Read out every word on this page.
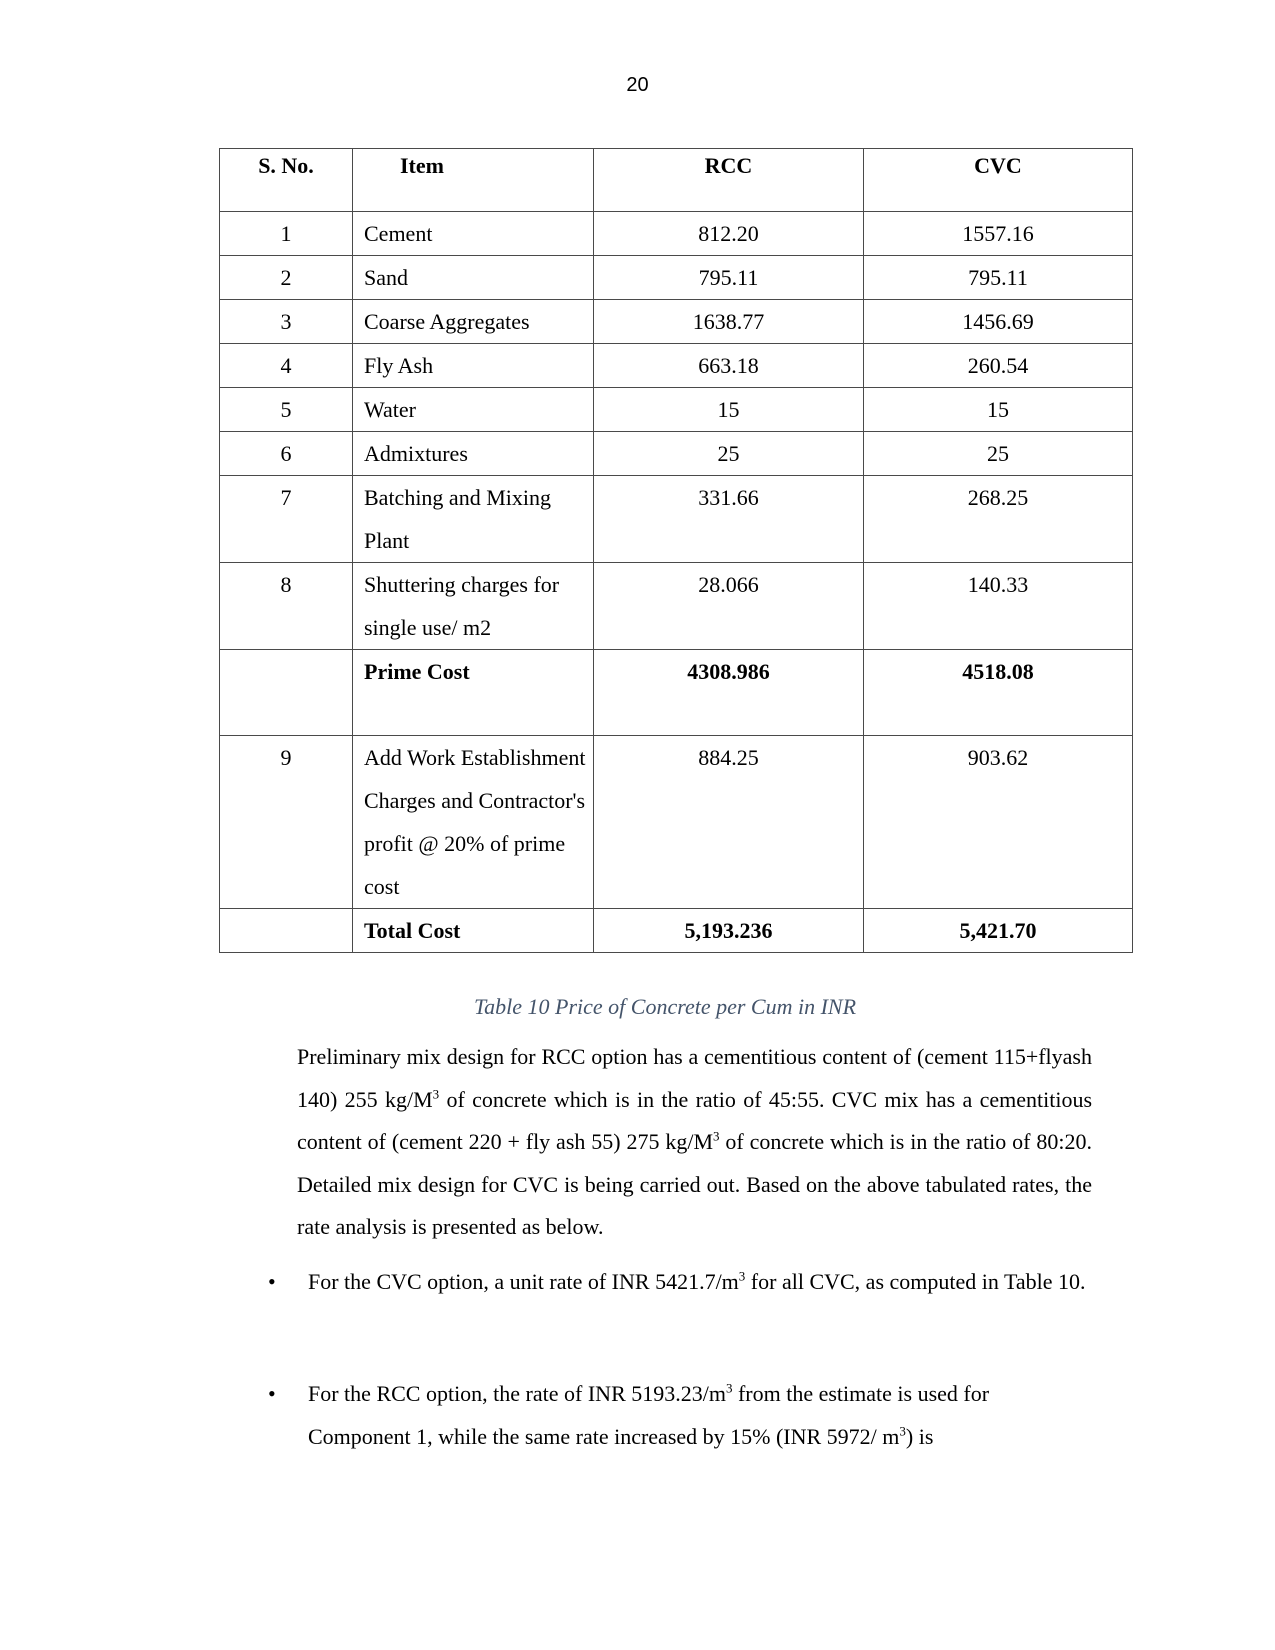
20
S. No.	Item	RCC	CVC

1	Cement	812.20	1557.16

2	Sand	795.11	795.11

3	Coarse Aggregates	1638.77	1456.69

4	Fly Ash	663.18	260.54

5	Water	15	15

6	Admixtures	25	25

7	Batching and Mixing Plant	331.66	268.25

8	Shuttering charges for single use/ m2	28.066	140.33

	Prime Cost	4308.986	4518.08

9	Add Work Establishment Charges and Contractor's profit @ 20% of prime cost	884.25	903.62

	Total Cost	5,193.236	5,421.70
Table 10 Price of Concrete per Cum in INR
Preliminary mix design for RCC option has a cementitious content of (cement 115+flyash 140) 255 $kg/M^3$ of concrete which is in the ratio of 45:55. CVC mix has a cementitious content of (cement 220 + fly ash 55) 275 $kg/M^3$ of concrete which is in the ratio of 80:20. Detailed mix design for CVC is being carried out. Based on the above tabulated rates, the rate analysis is presented as below.
• For the CVC option, a unit rate of INR $5421.7/m^3$ for all CVC, as computed in Table 10.
• For the RCC option, the rate of INR $5193.23/m^3$ from the estimate is used for Component 1, while the same rate increased by 15% (INR 5972/ $m^3$) is
